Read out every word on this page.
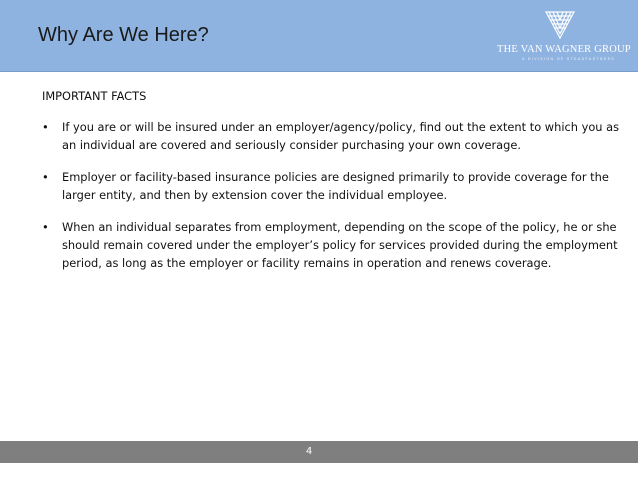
Why Are We Here?
THE VAN WAGNER GROUP
A DIVISION OF STEADFASTNESS
IMPORTANT FACTS
• If you are or will be insured under an employer/agency/policy, find out the extent to which you as an individual are covered and seriously consider purchasing your own coverage.
• Employer or facility-based insurance policies are designed primarily to provide coverage for the larger entity, and then by extension cover the individual employee.
• When an individual separates from employment, depending on the scope of the policy, he or she should remain covered under the employer’s policy for services provided during the employment period, as long as the employer or facility remains in operation and renews coverage.
4
